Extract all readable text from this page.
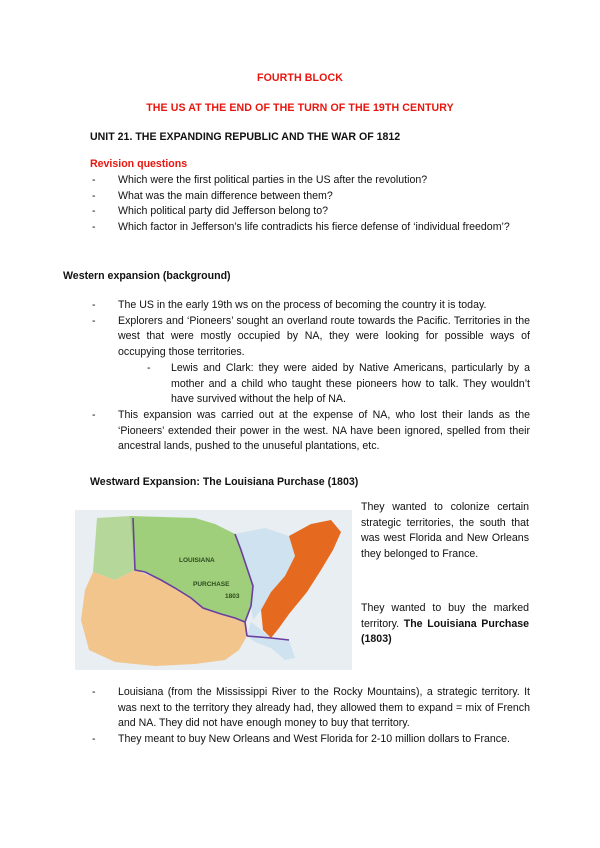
FOURTH BLOCK
THE US AT THE END OF THE TURN OF THE 19TH CENTURY
UNIT 21. THE EXPANDING REPUBLIC AND THE WAR OF 1812
Revision questions
- Which were the first political parties in the US after the revolution?
- What was the main difference between them?
- Which political party did Jefferson belong to?
- Which factor in Jefferson’s life contradicts his fierce defense of ‘individual freedom’?
Western expansion (background)
- The US in the early 19th ws on the process of becoming the country it is today.
- Explorers and ‘Pioneers’ sought an overland route towards the Pacific. Territories in the west that were mostly occupied by NA, they were looking for possible ways of occupying those territories.
- Lewis and Clark: they were aided by Native Americans, particularly by a mother and a child who taught these pioneers how to talk. They wouldn’t have survived without the help of NA.
- This expansion was carried out at the expense of NA, who lost their lands as the ‘Pioneers’ extended their power in the west. NA have been ignored, spelled from their ancestral lands, pushed to the unuseful plantations, etc.
Westward Expansion: The Louisiana Purchase (1803)
LOUISIANA
PURCHASE
1803
They wanted to colonize certain strategic territories, the south that was west Florida and New Orleans they belonged to France.
They wanted to buy the marked territory. The Louisiana Purchase (1803)
- Louisiana (from the Mississippi River to the Rocky Mountains), a strategic territory. It was next to the territory they already had, they allowed them to expand = mix of French and NA. They did not have enough money to buy that territory.
- They meant to buy New Orleans and West Florida for 2-10 million dollars to France.
